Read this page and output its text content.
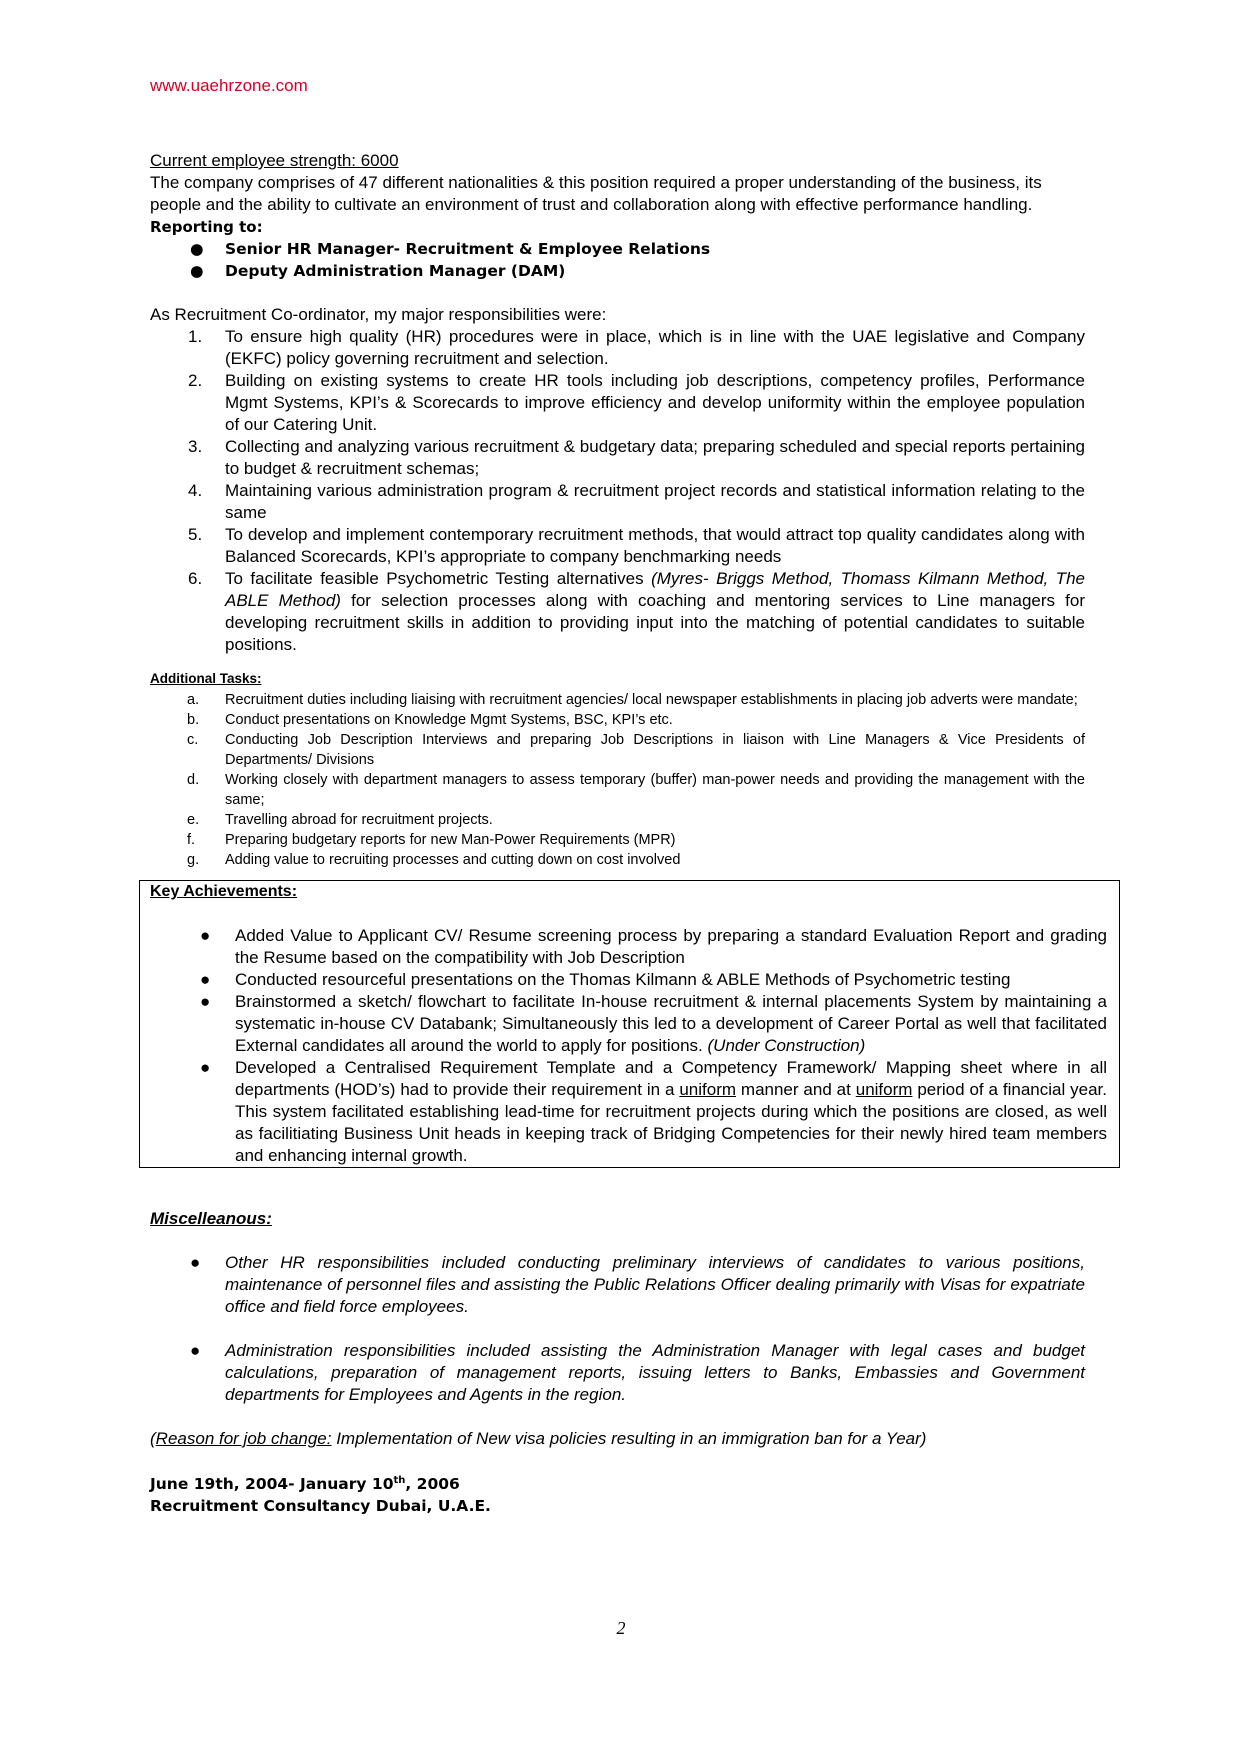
www.uaehrzone.com

Current employee strength: 6000

The company comprises of 47 different nationalities & this position required a proper understanding of the business, its people and the ability to cultivate an environment of trust and collaboration along with effective performance handling.

Reporting to:

● Senior HR Manager- Recruitment & Employee Relations
● Deputy Administration Manager (DAM)

As Recruitment Co-ordinator, my major responsibilities were:

1. To ensure high quality (HR) procedures were in place, which is in line with the UAE legislative and Company (EKFC) policy governing recruitment and selection.
2. Building on existing systems to create HR tools including job descriptions, competency profiles, Performance Mgmt Systems, KPI’s & Scorecards to improve efficiency and develop uniformity within the employee population of our Catering Unit.
3. Collecting and analyzing various recruitment & budgetary data; preparing scheduled and special reports pertaining to budget & recruitment schemas;
4. Maintaining various administration program & recruitment project records and statistical information relating to the same
5. To develop and implement contemporary recruitment methods, that would attract top quality candidates along with Balanced Scorecards, KPI’s appropriate to company benchmarking needs
6. To facilitate feasible Psychometric Testing alternatives (Myres- Briggs Method, Thomass Kilmann Method, The ABLE Method) for selection processes along with coaching and mentoring services to Line managers for developing recruitment skills in addition to providing input into the matching of potential candidates to suitable positions.

Additional Tasks:

a. Recruitment duties including liaising with recruitment agencies/ local newspaper establishments in placing job adverts were mandate;
b. Conduct presentations on Knowledge Mgmt Systems, BSC, KPI’s etc.
c. Conducting Job Description Interviews and preparing Job Descriptions in liaison with Line Managers & Vice Presidents of Departments/ Divisions
d. Working closely with department managers to assess temporary (buffer) man-power needs and providing the management with the same;
e. Travelling abroad for recruitment projects.
f. Preparing budgetary reports for new Man-Power Requirements (MPR)
g. Adding value to recruiting processes and cutting down on cost involved

Key Achievements:

● Added Value to Applicant CV/ Resume screening process by preparing a standard Evaluation Report and grading the Resume based on the compatibility with Job Description
● Conducted resourceful presentations on the Thomas Kilmann & ABLE Methods of Psychometric testing
● Brainstormed a sketch/ flowchart to facilitate In-house recruitment & internal placements System by maintaining a systematic in-house CV Databank; Simultaneously this led to a development of Career Portal as well that facilitated External candidates all around the world to apply for positions. (Under Construction)
● Developed a Centralised Requirement Template and a Competency Framework/ Mapping sheet where in all departments (HOD’s) had to provide their requirement in a uniform manner and at uniform period of a financial year. This system facilitated establishing lead-time for recruitment projects during which the positions are closed, as well as facilitiating Business Unit heads in keeping track of Bridging Competencies for their newly hired team members and enhancing internal growth.

Miscelleanous:

● Other HR responsibilities included conducting preliminary interviews of candidates to various positions, maintenance of personnel files and assisting the Public Relations Officer dealing primarily with Visas for expatriate office and field force employees.
● Administration responsibilities included assisting the Administration Manager with legal cases and budget calculations, preparation of management reports, issuing letters to Banks, Embassies and Government departments for Employees and Agents in the region.

(Reason for job change: Implementation of New visa policies resulting in an immigration ban for a Year)

June 19th, 2004- January 10th, 2006

Recruitment Consultancy Dubai, U.A.E.

2
